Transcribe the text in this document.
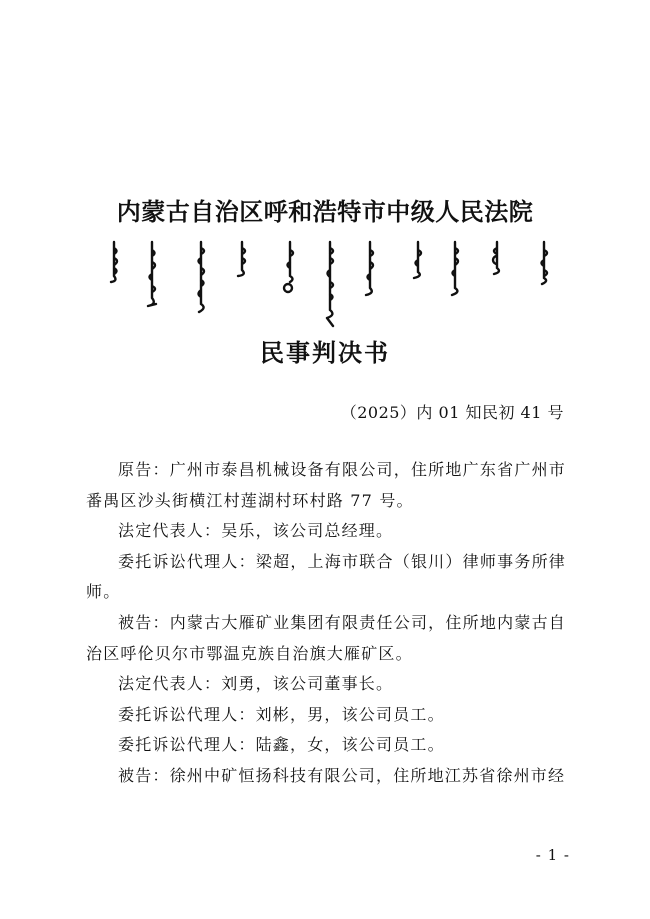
内蒙古自治区呼和浩特市中级人民法院
民事判决书
（2025）内 01 知民初 41 号

原告：广州市泰昌机械设备有限公司，住所地广东省广州市番禺区沙头街横江村莲湖村环村路 77 号。

法定代表人：吴乐，该公司总经理。

委托诉讼代理人：梁超，上海市联合（银川）律师事务所律师。

被告：内蒙古大雁矿业集团有限责任公司，住所地内蒙古自治区呼伦贝尔市鄂温克族自治旗大雁矿区。

法定代表人：刘勇，该公司董事长。

委托诉讼代理人：刘彬，男，该公司员工。

委托诉讼代理人：陆鑫，女，该公司员工。

被告：徐州中矿恒扬科技有限公司，住所地江苏省徐州市经

- 1 -
